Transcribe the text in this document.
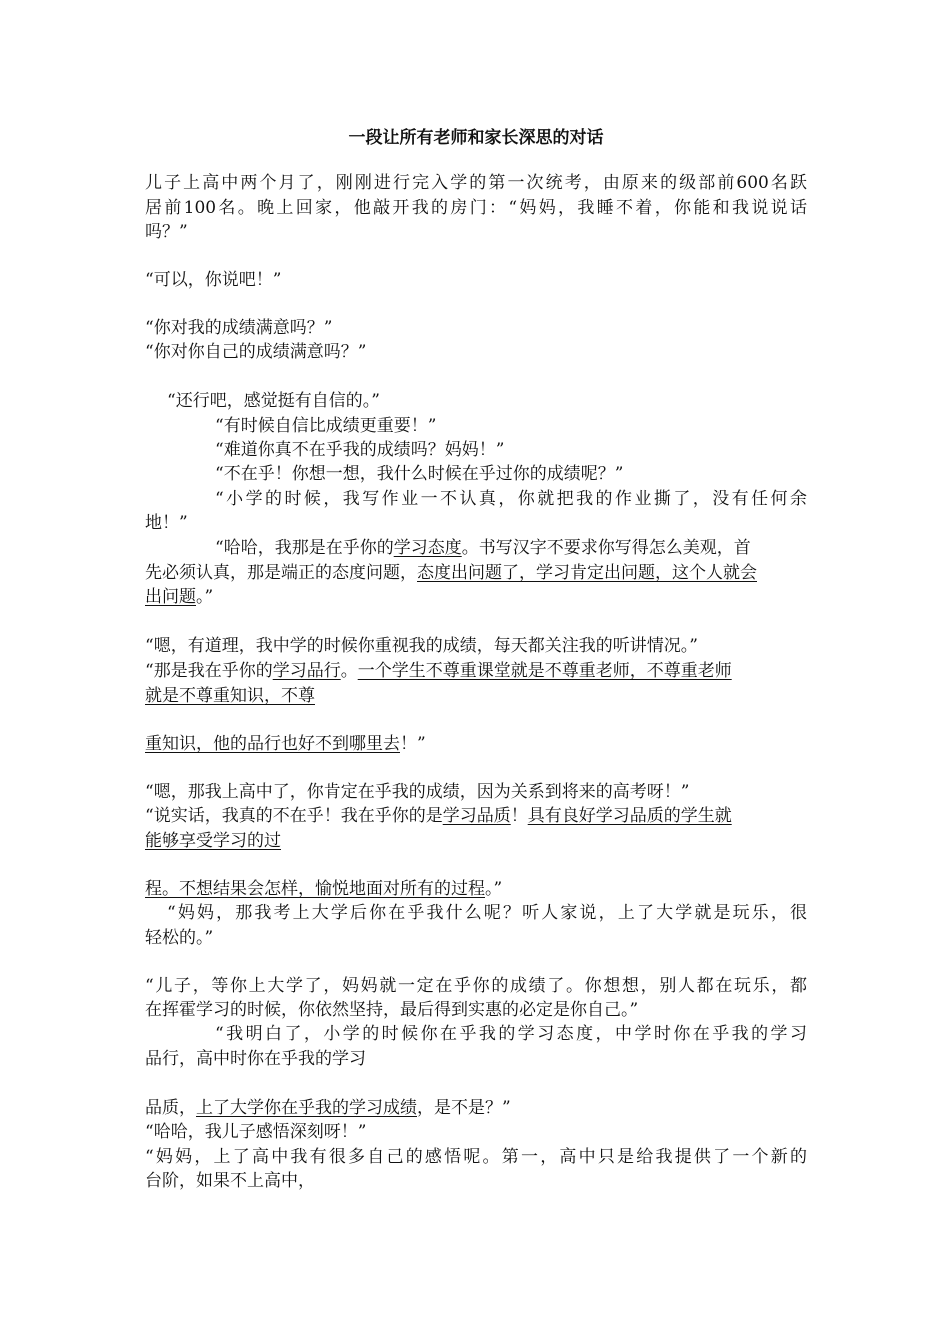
一段让所有老师和家长深思的对话
儿子上高中两个月了，刚刚进行完入学的第一次统考，由原来的级部前600名跃
居前100名。晚上回家，他敲开我的房门：“妈妈，我睡不着，你能和我说说话
吗？”
“可以，你说吧！”
“你对我的成绩满意吗？”
“你对你自己的成绩满意吗？”
“还行吧，感觉挺有自信的。”
“有时候自信比成绩更重要！”
“难道你真不在乎我的成绩吗？妈妈！”
“不在乎！你想一想，我什么时候在乎过你的成绩呢？”
“小学的时候，我写作业一不认真，你就把我的作业撕了，没有任何余
地！”
“哈哈，我那是在乎你的学习态度。书写汉字不要求你写得怎么美观，首
先必须认真，那是端正的态度问题，态度出问题了，学习肯定出问题，这个人就会
出问题。”
“嗯，有道理，我中学的时候你重视我的成绩，每天都关注我的听讲情况。”
“那是我在乎你的学习品行。一个学生不尊重课堂就是不尊重老师，不尊重老师
就是不尊重知识，不尊
重知识，他的品行也好不到哪里去！”
“嗯，那我上高中了，你肯定在乎我的成绩，因为关系到将来的高考呀！”
“说实话，我真的不在乎！我在乎你的是学习品质！具有良好学习品质的学生就
能够享受学习的过
程。不想结果会怎样，愉悦地面对所有的过程。”
“妈妈，那我考上大学后你在乎我什么呢？听人家说，上了大学就是玩乐，很
轻松的。”
“儿子，等你上大学了，妈妈就一定在乎你的成绩了。你想想，别人都在玩乐，都
在挥霍学习的时候，你依然坚持，最后得到实惠的必定是你自己。”
“我明白了，小学的时候你在乎我的学习态度，中学时你在乎我的学习
品行，高中时你在乎我的学习
品质，上了大学你在乎我的学习成绩，是不是？”
“哈哈，我儿子感悟深刻呀！”
“妈妈，上了高中我有很多自己的感悟呢。第一，高中只是给我提供了一个新的
台阶，如果不上高中，
